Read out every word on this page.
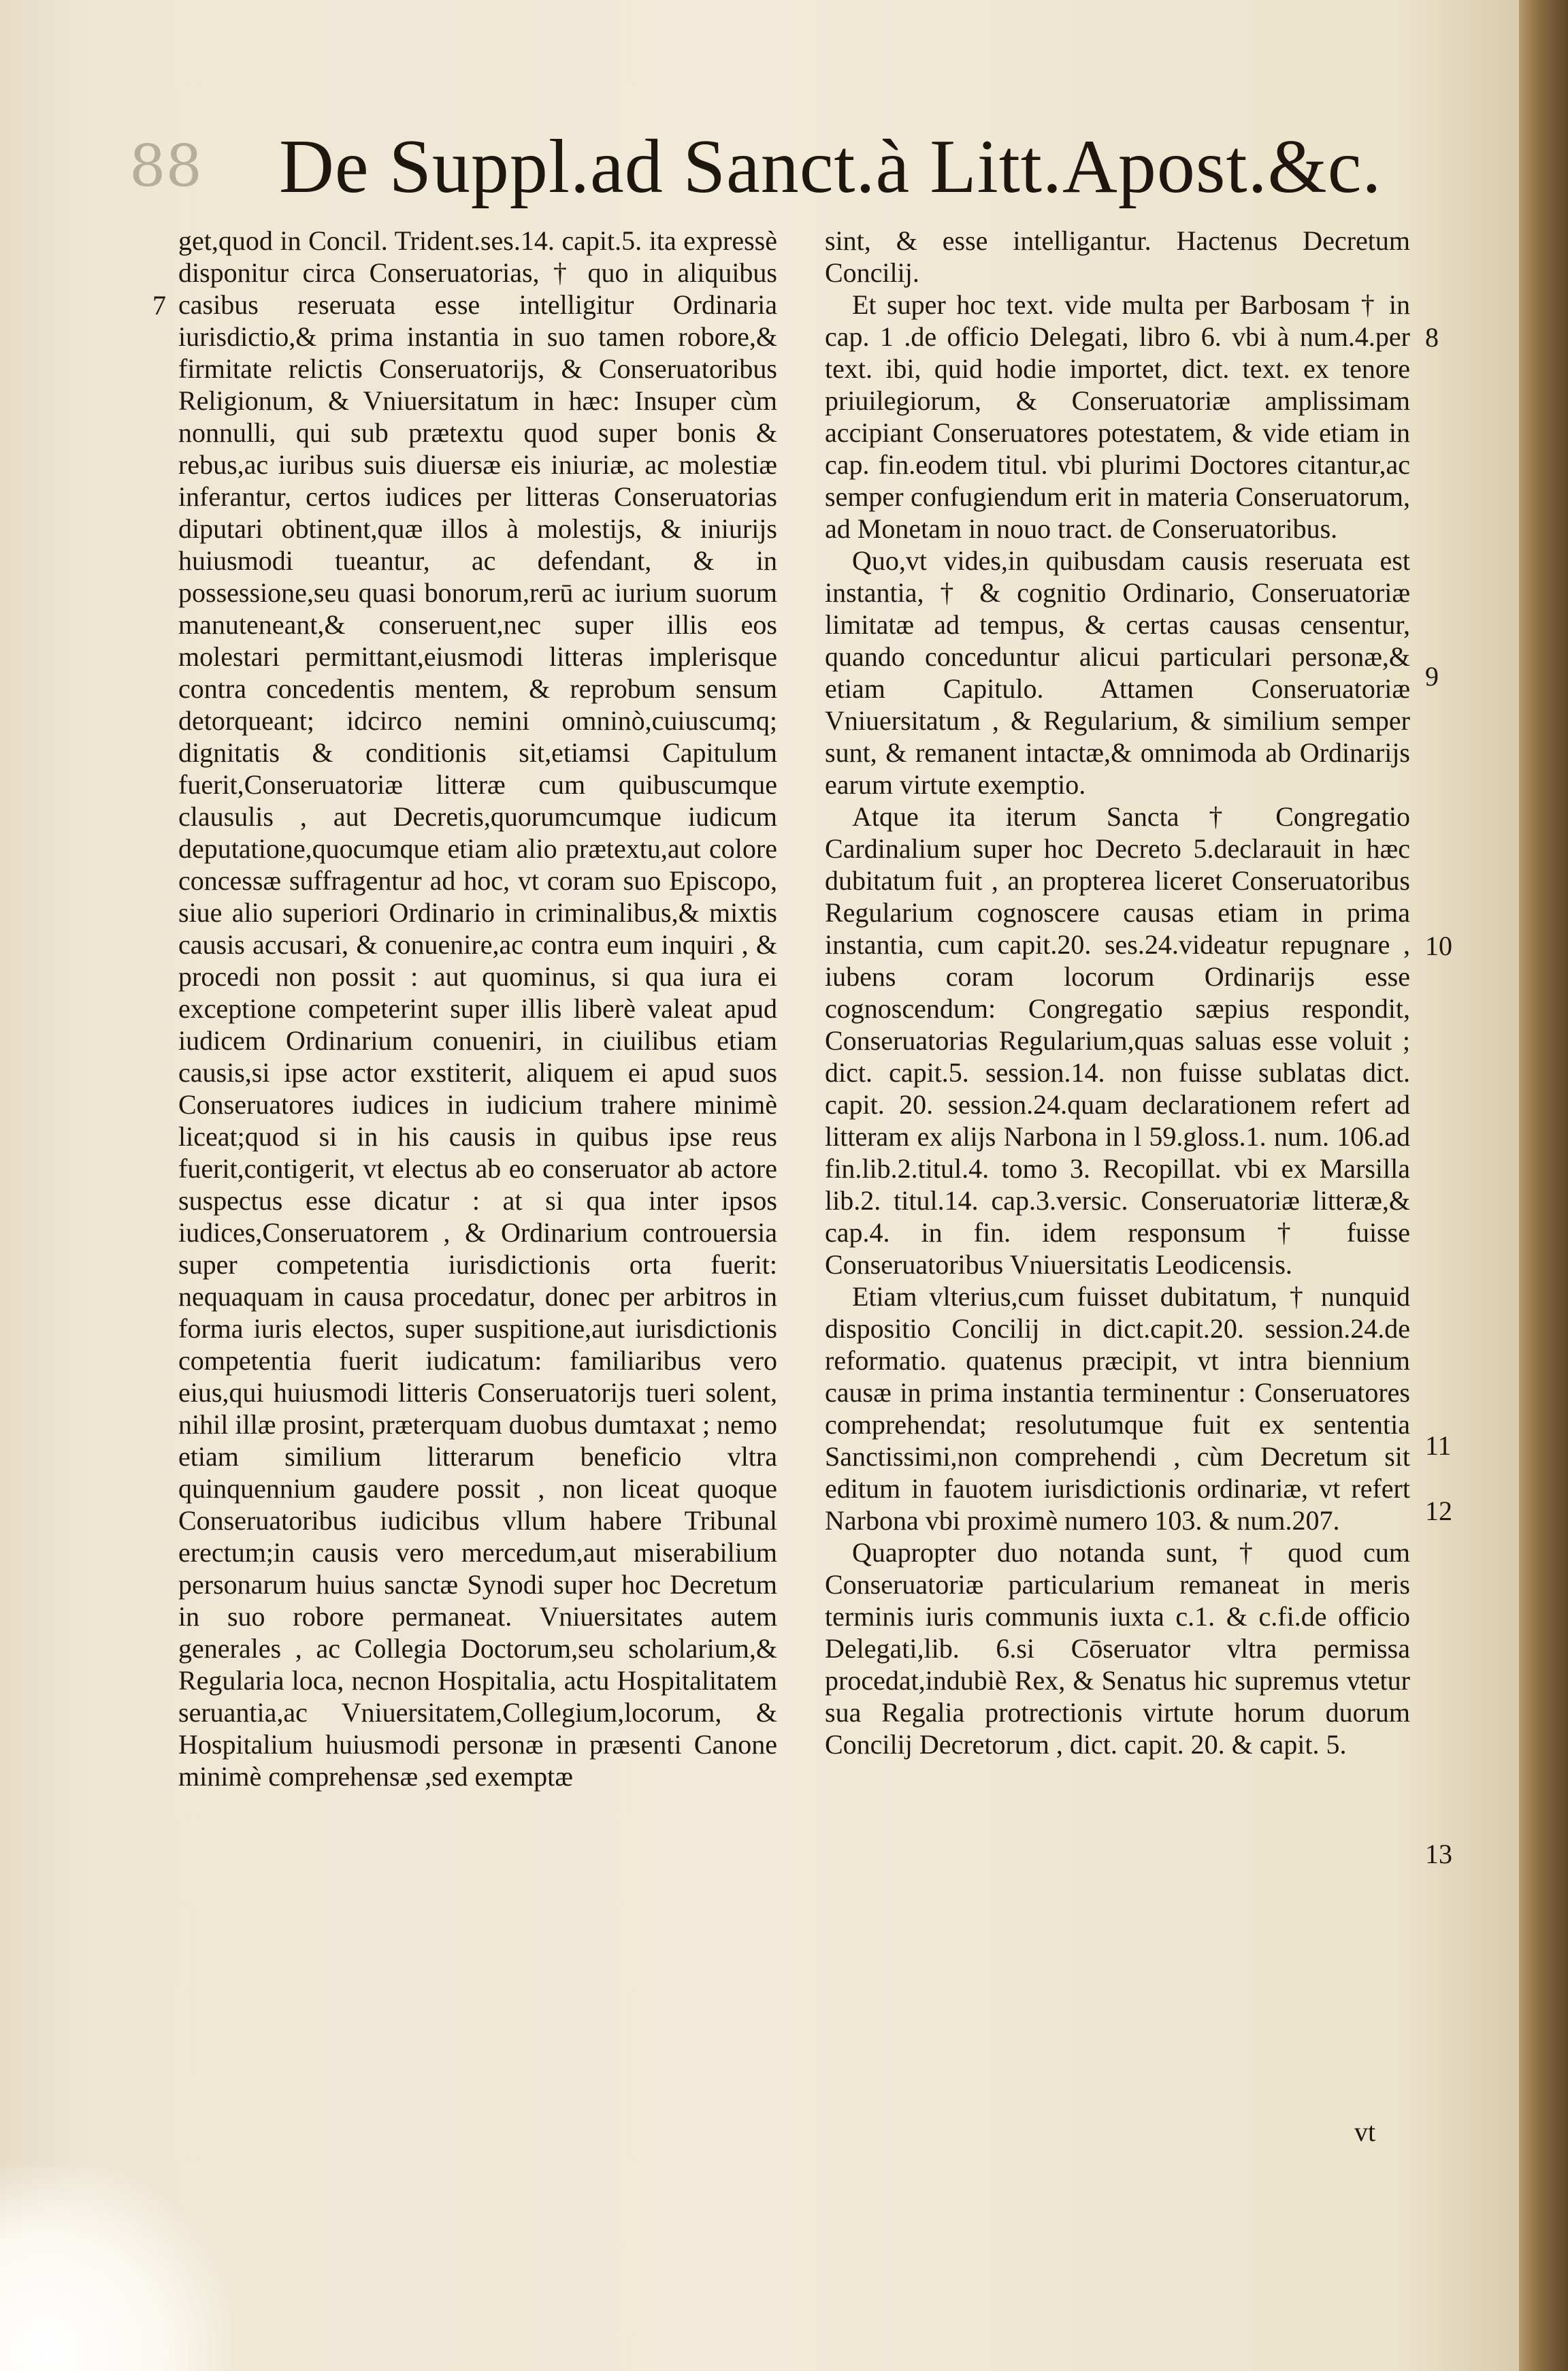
88 De Suppl.ad Sanct.à Litt.Apost.&c.

get,quod in Concil. Trident.ses.14. capit.5. ita expressè disponitur circa Conseruatorias, † quo in aliquibus casibus reseruata esse intelligitur Ordinaria iurisdictio,& prima instantia in suo tamen robore,& firmitate relictis Conseruatorijs, & Conseruatoribus Religionum, & Vniuersitatum in hæc: Insuper cùm nonnulli, qui sub prætextu quod super bonis & rebus,ac iuribus suis diuersæ eis iniuriæ, ac molestiæ inferantur, certos iudices per litteras Conseruatorias diputari obtinent,quæ illos à molestijs, & iniurijs huiusmodi tueantur, ac defendant, & in possessione,seu quasi bonorum,rerū ac iurium suorum manuteneant,& conseruent,nec super illis eos molestari permittant,eiusmodi litteras implerisque contra concedentis mentem, & reprobum sensum detorqueant; idcirco nemini omninò,cuiuscumq; dignitatis & conditionis sit,etiamsi Capitulum fuerit,Conseruatoriæ litteræ cum quibuscumque clausulis , aut Decretis,quorumcumque iudicum deputatione,quocumque etiam alio prætextu,aut colore concessæ suffragentur ad hoc, vt coram suo Episcopo, siue alio superiori Ordinario in criminalibus,& mixtis causis accusari, & conuenire,ac contra eum inquiri , & procedi non possit : aut quominus, si qua iura ei exceptione competerint super illis liberè valeat apud iudicem Ordinarium conueniri, in ciuilibus etiam causis,si ipse actor exstiterit, aliquem ei apud suos Conseruatores iudices in iudicium trahere minimè liceat;quod si in his causis in quibus ipse reus fuerit,contigerit, vt electus ab eo conseruator ab actore suspectus esse dicatur : at si qua inter ipsos iudices,Conseruatorem , & Ordinarium controuersia super competentia iurisdictionis orta fuerit: nequaquam in causa procedatur, donec per arbitros in forma iuris electos, super suspitione,aut iurisdictionis competentia fuerit iudicatum: familiaribus vero eius,qui huiusmodi litteris Conseruatorijs tueri solent, nihil illæ prosint, præterquam duobus dumtaxat ; nemo etiam similium litterarum beneficio vltra quinquennium gaudere possit , non liceat quoque Conseruatoribus iudicibus vllum habere Tribunal erectum;in causis vero mercedum,aut miserabilium personarum huius sanctæ Synodi super hoc Decretum in suo robore permaneat. Vniuersitates autem generales , ac Collegia Doctorum,seu scholarium,& Regularia loca, necnon Hospitalia, actu Hospitalitatem seruantia,ac Vniuersitatem,Collegium,locorum, & Hospitalium huiusmodi personæ in præsenti Canone minimè comprehensæ ,sed exemptæ

sint, & esse intelligantur. Hactenus Decretum Concilij.

Et super hoc text. vide multa per Barbosam † in cap. 1 .de officio Delegati, libro 6. vbi à num.4.per text. ibi, quid hodie importet, dict. text. ex tenore priuilegiorum, & Conseruatoriæ amplissimam accipiant Conseruatores potestatem, & vide etiam in cap. fin.eodem titul. vbi plurimi Doctores citantur,ac semper confugiendum erit in materia Conseruatorum, ad Monetam in nouo tract. de Conseruatoribus.

Quo,vt vides,in quibusdam causis reseruata est instantia, † & cognitio Ordinario, Conseruatoriæ limitatæ ad tempus, & certas causas censentur, quando conceduntur alicui particulari personæ,& etiam Capitulo. Attamen Conseruatoriæ Vniuersitatum , & Regularium, & similium semper sunt, & remanent intactæ,& omnimoda ab Ordinarijs earum virtute exemptio.

Atque ita iterum Sancta † Congregatio Cardinalium super hoc Decreto 5.declarauit in hæc dubitatum fuit , an propterea liceret Conseruatoribus Regularium cognoscere causas etiam in prima instantia, cum capit.20. ses.24.videatur repugnare , iubens coram locorum Ordinarijs esse cognoscendum: Congregatio sæpius respondit, Conseruatorias Regularium,quas saluas esse voluit ; dict. capit.5. session.14. non fuisse sublatas dict. capit. 20. session.24.quam declarationem refert ad litteram ex alijs Narbona in l 59.gloss.1. num. 106.ad fin.lib.2.titul.4. tomo 3. Recopillat. vbi ex Marsilla lib.2. titul.14. cap.3.versic. Conseruatoriæ litteræ,& cap.4. in fin. idem responsum † fuisse Conseruatoribus Vniuersitatis Leodicensis.

Etiam vlterius,cum fuisset dubitatum, † nunquid dispositio Concilij in dict.capit.20. session.24.de reformatio. quatenus præcipit, vt intra biennium causæ in prima instantia terminentur : Conseruatores comprehendat; resolutumque fuit ex sententia Sanctissimi,non comprehendi , cùm Decretum sit editum in fauotem iurisdictionis ordinariæ, vt refert Narbona vbi proximè numero 103. & num.207.

Quapropter duo notanda sunt, † quod cum Conseruatoriæ particularium remaneat in meris terminis iuris communis iuxta c.1. & c.fi.de officio Delegati,lib. 6.si Cōseruator vltra permissa procedat,indubiè Rex, & Senatus hic supremus vtetur sua Regalia protrectionis virtute horum duorum Concilij Decretorum , dict. capit. 20. & capit. 5.

7
8
9
10
11
12
13
vt
